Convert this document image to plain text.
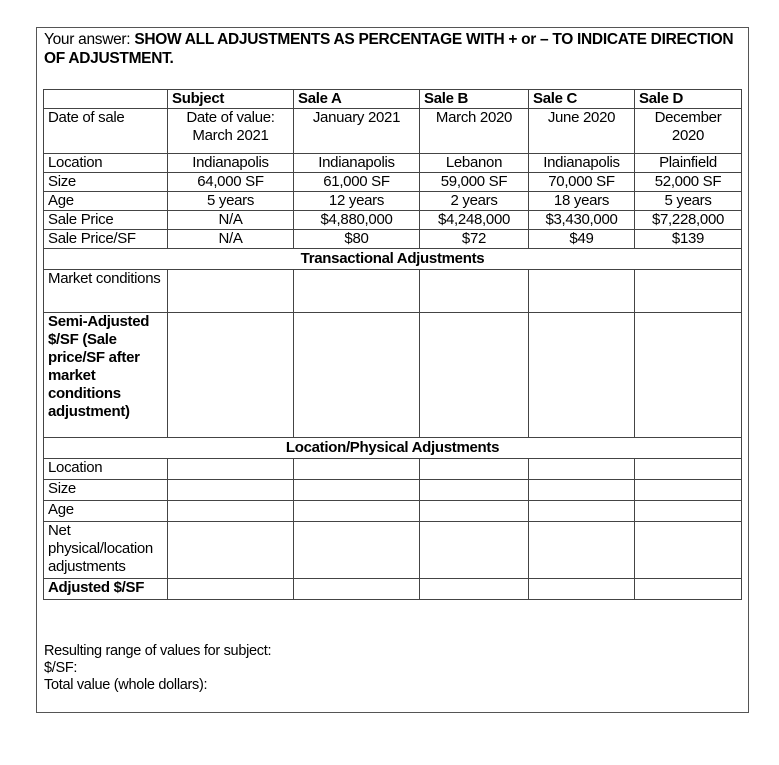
Your answer: SHOW ALL ADJUSTMENTS AS PERCENTAGE WITH + or – TO INDICATE DIRECTION OF ADJUSTMENT.
	Subject	Sale A	Sale B	Sale C	Sale D
Date of sale	Date of value: March 2021	January 2021	March 2020	June 2020	December 2020
Location	Indianapolis	Indianapolis	Lebanon	Indianapolis	Plainfield
Size	64,000 SF	61,000 SF	59,000 SF	70,000 SF	52,000 SF
Age	5 years	12 years	2 years	18 years	5 years
Sale Price	N/A	$4,880,000	$4,248,000	$3,430,000	$7,228,000
Sale Price/SF	N/A	$80	$72	$49	$139
Transactional Adjustments					
Market conditions					
Semi-Adjusted $/SF (Sale price/SF after market conditions adjustment)					
Location/Physical Adjustments					
Location					
Size					
Age					
Net physical/location adjustments					
Adjusted $/SF					
Resulting range of values for subject:
$/SF:
Total value (whole dollars):
